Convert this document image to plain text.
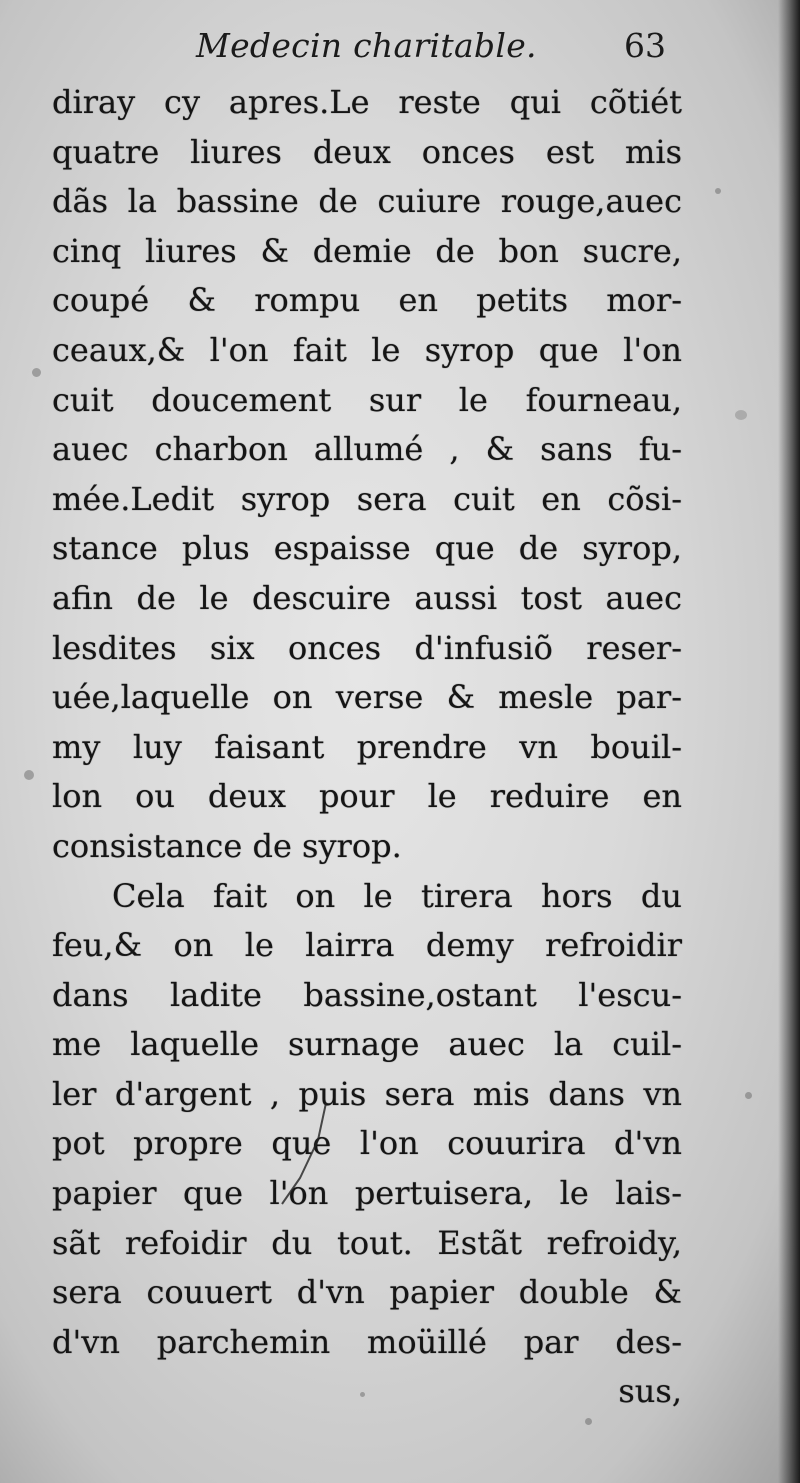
Medecin charitable.	63
diray cy apres.Le reste qui cõtiét
quatre liures deux onces est mis
dãs la bassine de cuiure rouge,auec
cinq liures & demie de bon sucre,
coupé & rompu en petits mor-
ceaux,& l'on fait le syrop que l'on
cuit doucement sur le fourneau,
auec charbon allumé , & sans fu-
mée.Ledit syrop sera cuit en cõsi-
stance plus espaisse que de syrop,
afin de le descuire aussi tost auec
lesdites six onces d'infusiõ reser-
uée,laquelle on verse & mesle par-
my luy faisant prendre vn bouil-
lon ou deux pour le reduire en
consistance de syrop.
Cela fait on le tirera hors du
feu,& on le lairra demy refroidir
dans ladite bassine,ostant l'escu-
me laquelle surnage auec la cuil-
ler d'argent , puis sera mis dans vn
pot propre que l'on couurira d'vn
papier que l'on pertuisera, le lais-
sãt refoidir du tout. Estãt refroidy,
sera couuert d'vn papier double &
d'vn parchemin moüillé par des-
sus,
